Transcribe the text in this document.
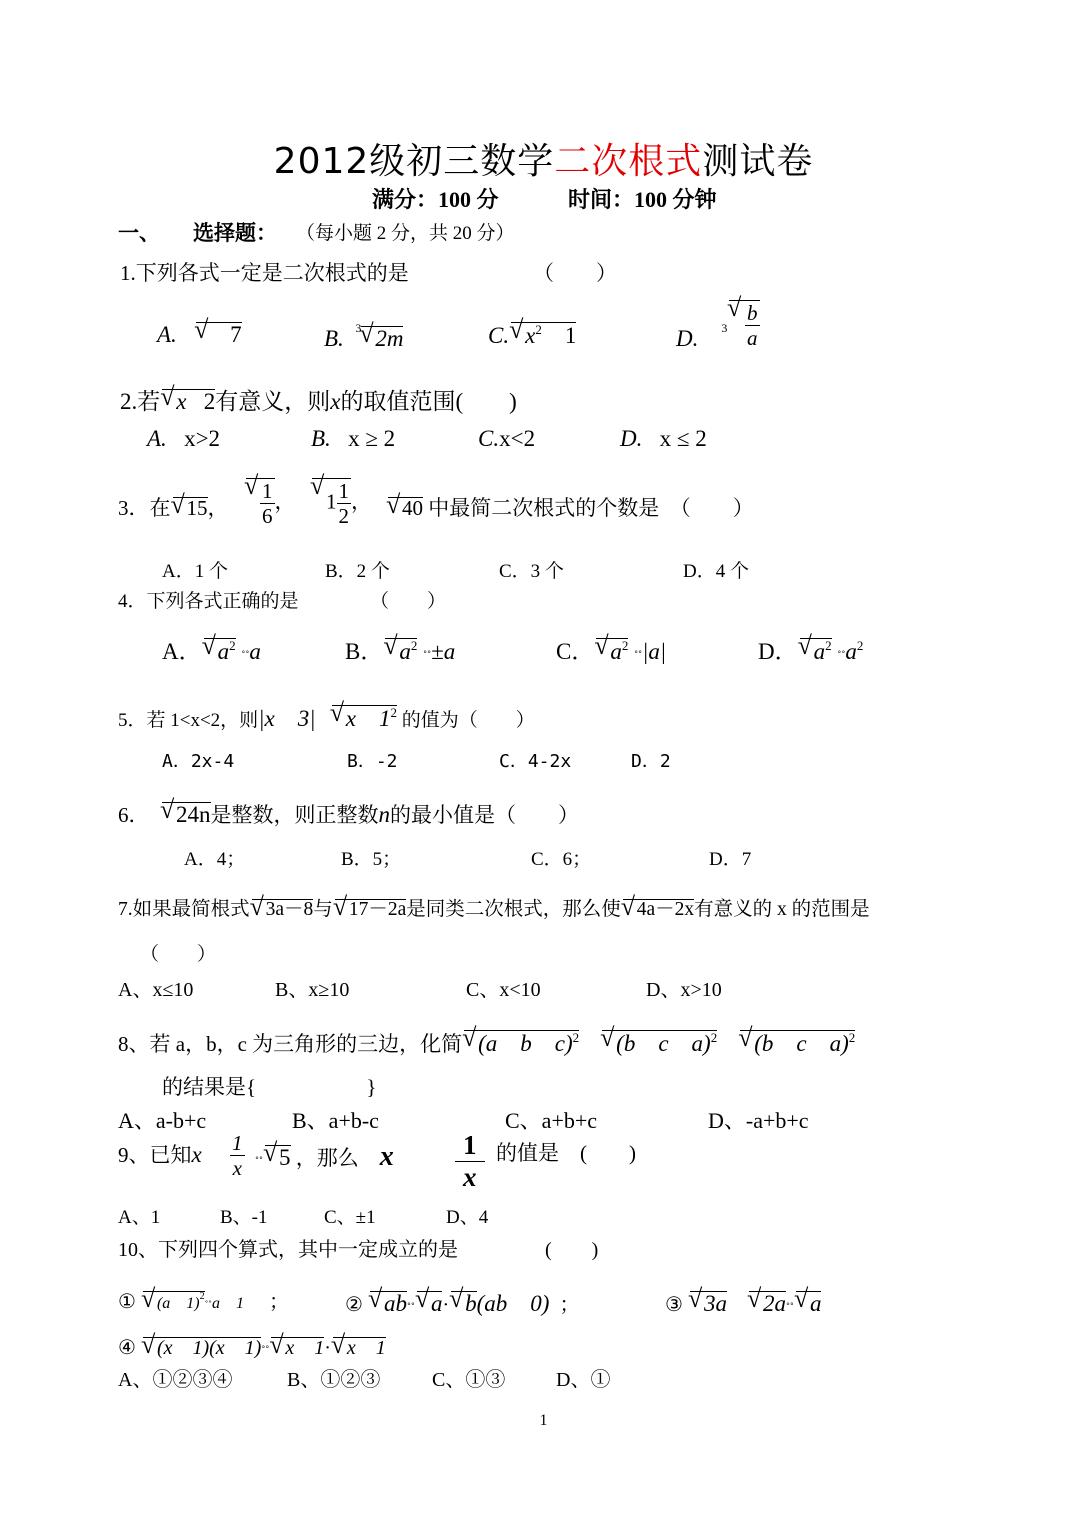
2012级初三数学二次根式测试卷
满分：100 分	时间：100 分钟
一、 选择题： （每小题 2 分，共 20 分）
1.下列各式一定是二次根式的是	（　　）
A. √ 7	B. $^3$ √ 2m	C. √ $x^2$ 1	D. $^3$ √ $\frac{b}{a}$
2.若 √ x 2有意义，则x的取值范围(　　)
A. x>2	B. x ≥ 2	C.x<2	D. x ≤ 2
3．在 √ 15， √ $\frac{1}{6}$ ，	√ $1 \frac{1}{2}$ ，	√ 40 中最简二次根式的个数是 （　　）
A．1 个	B．2 个	C．3 个	D．4 个
4．下列各式正确的是	（　　）
A． √ $a^2$ ˚˚a	B． √ $a^2$ ˚˚±a	C． √ $a^2$ ˚˚|a|	D． √ $a^2$ $˚˚a^2$
5．若 1<x<2，则|x　3| √ x　$1^2$ 的值为（　　）
A．2x-4	B．-2	C．4-2x	D．2
6． √ 24n是整数，则正整数n的最小值是（　　）
A．4；	B．5；	C．6；	D．7
7.如果最简根式 √ 3a－8与 √ 17－2a是同类二次根式，那么使 √ 4a－2x有意义的 x 的范围是
（　　）
A、x≤10	B、x≥10	C、x<10	D、x>10
8、若 a，b，c 为三角形的三边，化简 √ (a　b　c)$^2$ √ (b　c　a)$^2$ √ (b　c　a)$^2$
的结果是{	}
A、a-b+c	B、a+b-c	C、a+b+c	D、-a+b+c
9、已知x $\frac{1}{x}$ ˚˚ √ 5 ，那么 x $\frac{1}{x}$ 的值是 (　　)
A、1	B、-1	C、±1	D、4
10、下列四个算式，其中一定成立的是	(　　)
① √ (a　1)$^2$˚˚a　1 ；	② √ ab˚˚ √ a· √ b(ab　0) ；	③ √ 3a √ 2a˚˚ √ a
④ √ (x　1)(x　1)˚˚ √ x　1· √ x　1
A、①②③④	B、①②③	C、①③	D、①
1
